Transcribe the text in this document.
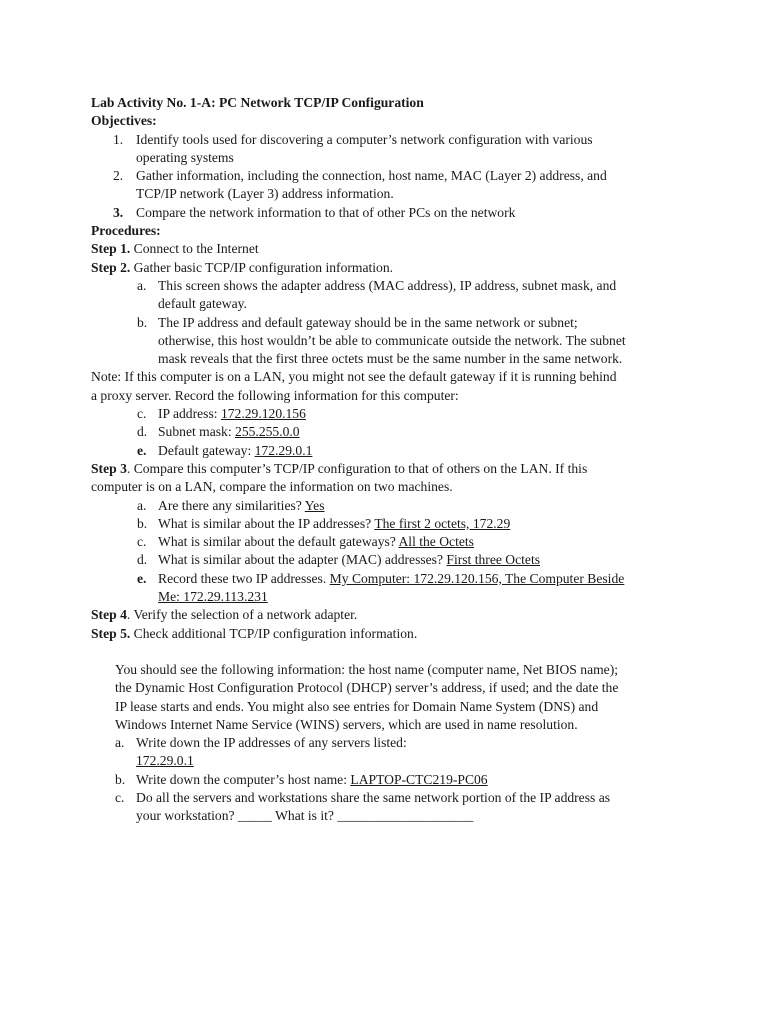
Lab Activity No. 1-A: PC Network TCP/IP Configuration
Objectives:
1. Identify tools used for discovering a computer’s network configuration with various
operating systems
2. Gather information, including the connection, host name, MAC (Layer 2) address, and
TCP/IP network (Layer 3) address information.
3. Compare the network information to that of other PCs on the network
Procedures:
Step 1. Connect to the Internet
Step 2. Gather basic TCP/IP configuration information.
a. This screen shows the adapter address (MAC address), IP address, subnet mask, and
default gateway.
b. The IP address and default gateway should be in the same network or subnet;
otherwise, this host wouldn’t be able to communicate outside the network. The subnet
mask reveals that the first three octets must be the same number in the same network.
Note: If this computer is on a LAN, you might not see the default gateway if it is running behind
a proxy server. Record the following information for this computer:
c. IP address: 172.29.120.156
d. Subnet mask: 255.255.0.0
e. Default gateway: 172.29.0.1
Step 3. Compare this computer’s TCP/IP configuration to that of others on the LAN. If this
computer is on a LAN, compare the information on two machines.
a. Are there any similarities? Yes
b. What is similar about the IP addresses? The first 2 octets, 172.29
c. What is similar about the default gateways? All the Octets
d. What is similar about the adapter (MAC) addresses? First three Octets
e. Record these two IP addresses. My Computer: 172.29.120.156, The Computer Beside
Me: 172.29.113.231
Step 4. Verify the selection of a network adapter.
Step 5. Check additional TCP/IP configuration information.
You should see the following information: the host name (computer name, Net BIOS name);
the Dynamic Host Configuration Protocol (DHCP) server’s address, if used; and the date the
IP lease starts and ends. You might also see entries for Domain Name System (DNS) and
Windows Internet Name Service (WINS) servers, which are used in name resolution.
a. Write down the IP addresses of any servers listed:
172.29.0.1
b. Write down the computer’s host name: LAPTOP-CTC219-PC06
c. Do all the servers and workstations share the same network portion of the IP address as
your workstation? _____ What is it? ____________________
